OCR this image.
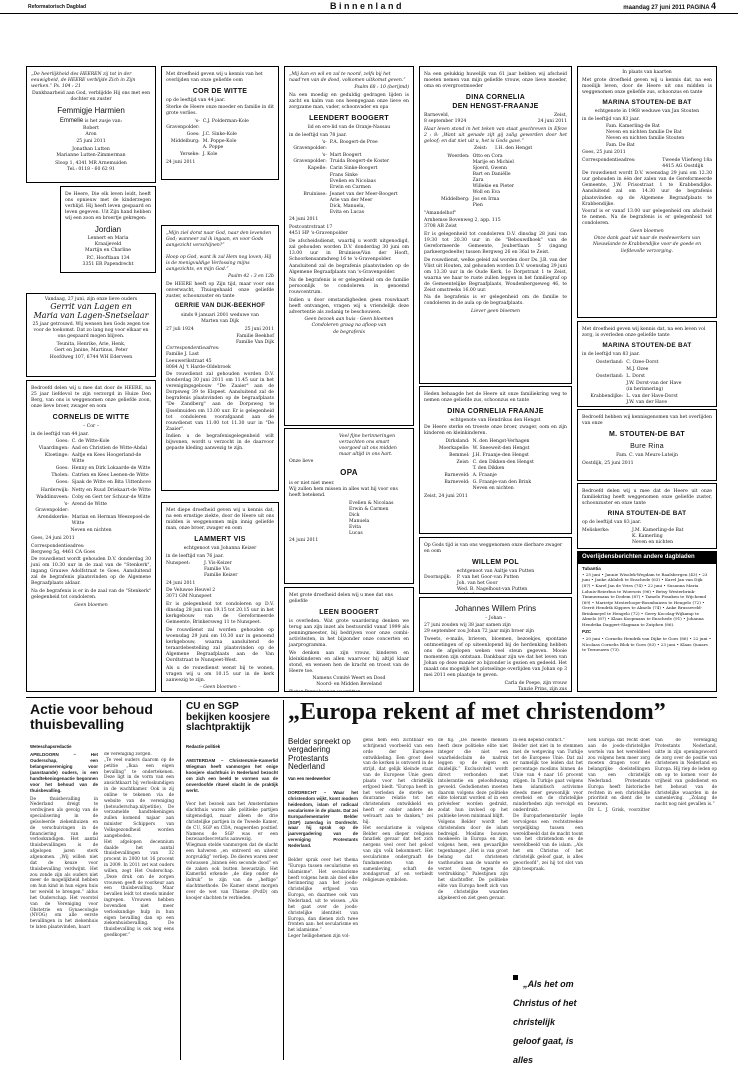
Reformatorisch Dagblad	Binnenland	maandag 27 juni 2011 PAGINA 4
„De heerlijkheid des HEEREN zij tot in der eeuwigheid, de HEERE verblijde Zich in Zijn werken.” Ps. 104 : 21
Dankbaarheid aan God, verblijdde Hij ons met een dochter en zuster
Femmigje Harmien
Emmelie is het zusje van:
Robert
Aron
25 juni 2011
Jonathan Lutten
Marianne Lutten-Zimmerman
Sloop 1, 4341 MR Arnemuiden
Tel.: 0118 - 60 62 91
De Heere, Die elk leven leidt, heeft ons opnieuw met de kinderzegen verblijd. Hij heeft leven gespaard en leven gegeven. Uit Zijn hand hebben wij een zoon en broertje gekregen:
Jordian
Lennert en Maria
Kraaijeveld
Martijn en Charline
P.C. Hooftlaan 134
3351 ER Papendrecht
Vandaag, 27 juni, zijn onze lieve ouders
Gerrit van Lagen en
Maria van Lagen-Snetselaar
25 jaar getrouwd. Wij wensen hen Gods zegen toe voor de toekomst. Dat zo lang nog voor elkaar en ons gespaard mogen blijven.
Teunita, Henrike, Arie, Henk,
Gert en Janine, Martinus, Peter
Hoofdweg 107, 6744 WH Ederveen
Bedroefd delen wij u mee dat door de HEERE, na 25 jaar liefdevol te zijn verzorgd in Huize Den Berg, van ons is weggenomen onze geliefde zoon, onze lieve broer, zwager en oom
CORNELIS DE WITTE
– Cor –
in de leeftijd van 44 jaar.
Goes: C. de Witte-Kole
Vlaardingen: Aad en Christien de Witte-Abdal
Kloetinge: Aaltje en Kees Hoogerland-de Witte
Goes: Henny en Dirk Lokaarde-de Witte
Tholen: Catrien en Kees Leenen-de Witte
Goes: Sjaak de Witte en Bita Uittenhove
Harderwijk: Netty en Ruud Driekaart-de Witte
Waddinxveen: Coby en Gert ter Schuur-de Witte
's-Gravenpolder:
Arend de Witte
Arendskerke: Marian en Herman Weezepoel-de Witte
Neven en nichten
Goes, 24 juni 2011
Correspondentieadres:
Bergweg 5g, 4461 CA Goes
De rouwdienst wordt gehouden D.V. donderdag 30 juni om 10.30 uur in de zaal van de "Stenkerk", ingang Grauwe Adolfstraat te Goes. Aansluitend zal de begrafenis plaatsvinden op de Algemene Begraafplaats aldaar.
Na de begrafenis is er in de zaal van de "Stenkerk" gelegenheid tot condoleren.
Geen bloemen
Met droefheid geven wij u kennis van het overlijden van onze geliefde oom
COR DE WITTE
op de leeftijd van 44 jaar.
Sterke de Heere onze moeder en familie in dit grote verlies.
's-Gravenpolder:
C.J. Polderman-Kole
Goes: J.C. Sinke-Kole
Middelburg: M. Poppe-Kole
A. Poppe
Yerseke: J. Kole
24 juni 2011
„Mijn ziel dorst naar God, naar den levenden God; wanneer zal ik ingaan, en voor Gods aangezicht verschijnen?”

Hoop op God, want ik zal Hem nog loven; Hij is de menigvuldige Verlossing mijns aangezichts, en mijn God.”
Psalm 42 : 3 en 12b
De HEERE heeft op Zijn tijd, maar voor ons onverwacht, Thuisgehaald onze geliefde zuster, schoonzuster en tante
GERRIE VAN DIJK-BEEKHOF
sinds 9 januari 2001 weduwe van
Marten van Dijk
27 juli 1924	25 juni 2011
Familie Beekhof
Familie Van Dijk
Correspondentieadres:
Familie J. Last
Leeuwerikstraat 45
8084 AJ 't Harde-Oldebroek
De rouwdienst zal gehouden worden D.V. donderdag 30 juni 2011 om 11.45 uur in het verenigingsgebouw "De Zaaier" aan de Dorpsweg 39 te Elspeet. Aansluitend zal de begrafenis plaatsvinden op de begraafplaats "De Zandberg" aan de Dorpsweg te IJsselmuiden om 13.00 uur. Er is gelegenheid tot condoleren voorafgaand aan de rouwdienst van 11.00 tot 11.30 uur in "De Zaaier".
Indien u de begrafenisgelegenheid wilt bijwonen, wordt u verzocht in de daarvoor gepaste kleding aanwezig te zijn.
Met diepe droefheid geven wij u kennis dat, na een ernstige ziekte, door de Heere uit ons midden is weggenomen mijn innig geliefde man, onze broer, zwager en oom
LAMMERT VIS
echtgenoot van Johanna Keizer
in de leeftijd van 76 jaar.
Nunspeet:	J. Vis-Keizer
Familie Vis
Familie Keizer
24 juni 2011
De Veluwse Heuvel 2
3071 GM Nunspeet
Er is gelegenheid tot condoleren op D.V. dinsdag 28 juni van 19.15 tot 20.15 uur in het kerkgebouw van de Gereformeerde Gemeente, Brinkersweg 11 te Nunspeet.
De rouwdienst zal worden gehouden op woensdag 29 juni om 10.30 uur in genoemd kerkgebouw, waarna aansluitend de teraardebestelling zal plaatsvinden op de Algemene Begraafplaats aan de Van Oordtstraat te Nunspeet-West.
Als u de rouwdienst wenst bij te wonen, vragen wij u om 10.15 uur in de kerk aanwezig te zijn.
– Geen bloemen –
„Mij kan en wil en zal te noord, zelfs bij het naad'ren van de dood, volkomen uitkomst geven.”
Psalm 68 : 10 (berijmd)
Na een moedig en geduldig gedragen lijden is zacht en kalm van ons heengegaan onze lieve en zorgzame man, vader, schoonvader en opa
LEENDERT BOOGERT
lid en ere-lid van de Oranje-Nassau
in de leeftijd van 78 jaar.
's-Gravenpolder:
P.A. Boogert-de Pree
's-Gravenpolder:
Mart Boogert
Truida Boogert-de Koster
Kapelle: Carin Sinke-Boogert
Frans Sinke
Evelien en Nicolaas
Erwin en Carmen
Bruinisse: Jeanet van der Meer-Boogert
Arie van der Meer
Dick, Manuela,
Evita en Lucas
24 juni 2011
Postcontrstraat 17
4451 HP 's-Gravenpolder
De afscheidsdienst, waarbij u wordt uitgenodigd, zal gehouden worden D.V. donderdag 30 juni om 13.00 uur in Bruinisse/Van der Hooft, Schoorkensanmdweg 16 te 's-Gravenpolder.
Aansluitend zal de begrafenis plaatsvinden op de Algemene Begraafplaats van 's-Gravenpolder.
Na de begrafenis is er gelegenheid om de familie persoonlijk te condoleren in genoemd rouwcentrum.
Indien u door omstandigheden geen rouwkaart heeft ontvangen, vragen wij u vriendelijk deze advertentie als zodanig te beschouwen.
Geen bezoek aan huis - Geen bloemen
Condoleren graag na afloop van
de begrafenis
Veel fijne herinneringen
verzachten ons smart
voorgoed uit ons midden
maar altijd in ons hart.
Onze lieve
OPA
is er niet niet meer.
Wij zullen hem missen in alles wat hij voor ons heeft betekend.
Evelien & Nicolaas
Erwin & Carmen
Dick
Manuela
Evita
Lucas
24 juni 2011
Met grote droefheid delen wij u mee dat ons geliefde
LEEN BOOGERT
is overleden. Wat grote waardering denken we terug aan zijn inzet als bestuurslid vanaf 1999 als penningmeester, bij bedrijven voor onze combi-activiteiten, in het bijzonder onze concerten en jaarprogramma.
We denken aan zijn vrouw, kinderen en kleinkinderen en allen waarvoor hij altijd klaar stond, en wensen hen de kracht en troost van de Heere toe.
Namens Comité Weert en Dosd
Noord- en Midden Beveland
Na een gelukkig huwelijk van 61 jaar hebben wij afscheid moeten nemen van mijn geliefde vrouw, onze lieve moeder, oma en overgrootmoeder
DINA CORNELIA
DEN HENGST-FRAANJE
Barneveld,	Zeist,
8 september 1924	24 juni 2011
Haar leven stond in het teken van staat geschreven in Efeze 2 : 8: „Want uit genade zijt gij zalig geworden door het geloof; en dat niet uit u, het is Gods gave.”
Zeist: I.H. den Hengst
Woerden: Otto en Cora
Marije en Michiel
Sjoerd, Gwenn
Bart en Daniëlle
Zara
Willekie en Pieter
Woll en Eva
Middelberg: Jos en Irma
Pien
"Amandelhof"
Arnhemse Bovenweg 2, app. 115
3708 AB Zeist
Er is gelegenheid tot condoleren D.V. dinsdag 28 juni van 19.30 tot 20.30 uur in de "Bebouwdhoek" van de Gereformeerde Gemeente, Joubertlaan 5 (ingang parkeergedeelte) tussen Bergweg 26 en 36al te Zeist.
De rouwdienst, welke geleid zal worden door Ds. J.B. van der Vlist uit Houten, zal gehouden worden D.V. woensdag 29 juni om 13.30 uur in de Oude Kerk, 1e Dorpstraat 1 te Zeist, waarna we haar te ruste zullen leggen in het familiegraf op de Gemeentelijke Begraafplaats, Woudenbergseweg 46, te Zeist omstreeks 16.00 uur.
Na de begrafenis is er gelegenheid om de familie te condoleren in de aula op de begraafplaats.
Liever geen bloemen
Heden behaagde het de Heere uit onze familiekring weg te nemen onze geliefde zus, schoonzus en tante
DINA CORNELIA FRAANJE
echtgenote van Hendrikus den Hengst
De Heere sterke en troeste onze broer, zwager, oom en zijn kinderen en kleinkinderen.
Dirksland: N. den Hengst-Verhagen
Moerkapelle: W. Sneeweit-den Hengst
Bemmel: J.H. Fraanje-den Hengst
Zeist: C. den Dikken-den Hengst
T. den Dikken
Barneveld: A. Fraanje
Barneveld: G. Fraanje-van den Brink
Neven en nichten
Zeist, 24 juni 2011
Op Gods tijd is van ons weggenomen onze dierbare zwager en oom
WILLEM POL
echtgenoot van Aaltje van Putten
Doornspijk: P. van het Goor-van Putten
Joh. van het Goor
Wed. B. Nagelhout-van Putten

Johannes Willem Prins
– Johan –
27 juni zouden wij 38 jaar samen zijn
29 september zou Johan 72 jaar mijn broer zijn
Tweets, e-mails, brieven, bloemen, bezoekjes, spontane ontmoetingen of op uiteenlopend bij de herdenking hebben ons de afgelopen weken veel steun gegeven. Mooie momenten zijn ontstaan. Dankbaar zijn we dat het leven van Johan op deze manier zo bijzonder is gezien en gedeeld. Het maakt ons mogelijk het plotselinge overlijden van Johan op 3 mei 2011 een plaatsje te geven.
Carla de Poepe, zijn vrouw
Tanzie Prins, zijn zus
In plaats van kaarten
Met grote droefheid geven wij u kennis dat, na een moeilijk leven, door de Heere uit ons midden is weggenomen onze geliefde zus, schoonzus en tante
MARINA STOUTEN-DE BAT
echtgenote in 1968 weduwe van Jan Stouten
in de leeftijd van 83 jaar.
Fam. Kamerling-de Bat
Neven en nichten familie De Bat
Neven en nichten familie Stouten
Fam. De Bat
Goes, 25 juni 2011
Correspondentieadres:	Tweede Vliefweg 18a
4415 AG Oostdijk
De rouwdienst wordt D.V. woensdag 29 juni om 12.30 uur gehouden in één der zalen van de Gereformeerde Gemeente, J.W. Frisostraat 1 te Krabbendijke. Aansluitend zal om 14.30 uur de begrafenis plaatsvinden op de Algemene Begraafplaats te Krabbendijke.
Vooraf is er vanaf 13.00 uur gelegenheid om afscheid te nemen. Na de begrafenis is er gelegenheid tot condoleren.
Geen bloemen
Onze dank gaat uit naar de medewerkers van Nieuwlande te Krabbendijke voor de goede en liefdevolle verzorging.
Met droefheid geven wij kennis dat, na een leven vol zorg, is overleden onze geliefde tante
MARINA STOUTEN-DE BAT
in de leeftijd van 83 jaar.
Oosterland: C. Ozee-Dorst
M.J. Ozee
Oosterland: L. Dorst
J.W. Dorst-van der Have
(in herinnering)
Krabbendijke: L. van der Have-Dorst
J.W. van der Have
Bedroefd hebben wij kennisgenomen van het overlijden van onze
M. STOUTEN-DE BAT
Bure Rina
Fam. C. van Meurs-Luteijn
Oostdijk, 25 juni 2011
Bedroefd delen wij u mee dat de Heere uit onze familiekring heeft weggenomen onze geliefde zuster, schoonzuster en onze tante
RINA STOUTEN-DE BAT
op de leeftijd van 83 jaar.
Meliskerke:	J.M. Kamerling-de Bat
K. Kamerling
Neven en nichten
Overlijdensberichten andere dagbladen
Tubantia
• 25 juni • Jannie Wisolek-Wegdam te Raalsbergen (43) • 23 juni • Janke Ablaleli te Enschede (63) • Karel Jan van Dijk (87) • Karel Jan de Vries (74) • 22 juni • Susanna Maria Lohuis-Reierbus te Woerseis (96) • Betsy Westerbrink-Timmermans te Dedem (87) • Tamelo Franken te Wijchemd (69) • Marietje Mesterloope-Bosmbuizen te Hengelo (72) • Gerrit Hendrik Kippers te Almelo (74) • Anke Brusseveld-Brinkmeyel te Hengelo (72) • Gerry Kocolag-Wijkamp te Almelo (87) • Klaas Koopmans te Enschede (91) • Johanna Hendrika Daggert-Slagman te Zutphen (86).
PZC
• 20 juni • Cornelis Hendrik van Dijke te Goes (86) • 22 juni • Nicolaas Cornelis Blok te Goes (83) • 23 juni • Klaas Quaars te Terneuzen (73).
Actie voor behoud thuisbevalling
Weteschapsredactie
APELDOORN – Het Ouderschap, een belangenvereniging voor (aanstaande) ouders, is een handtekeningenactie begonnen voor het behoud van de thuisbevalling.
De thuisbevalling in Nederland dreigt te verdwijnen als gevolg van de specialisering in de geïsoleerde ziekenhuizen en de verschuivingen in de financiering van de verloskundigen. Het aantal thuisbevallingen is de afgelopen jaren sterk afgenomen. „Wij willen niet dat de keuze voor thuisbevalling verdwijnt. Het zou zonde zijn als ouders niet meer de mogelijkheid hebben om hun kind in hun eigen huis ter wereld te brengen.” aldus het Ouderschap. Het voorstel van de Vereniging voor Obstetrie en Gynaecologie (NVOG) om alle eerste bevallingen in het ziekenhuis te laten plaatsvinden, baart
de vereniging zorgen.
„Te veel ouders daarom op de petitie „Ikaa een eigen bevalling” te ondertekenen. Deze ligt in de vorm van een ansichtkaart bij verloskundigen in de wachtkamer. Ook is zij online te tekenen via de website van de vereniging (hetouderschap.nl/petitie). De verzamelde handtekeningen zullen komend najaar aan minister Schippers van Volksgezondheid worden aangeboden.
Het afgelopen decennium daalde het aantal thuisbevallingen van 32 procent in 2000 tot 16 procent in 2009. In 2011 zet wat ouders willen, zegt Het Ouderschap. „Deze druk om de zorgen vrouwen geeft de voorkeur aan een thuisbevalling. Maar bevallen leidt tot steeds minder ingrepen. Vrouwen hebben bovendien niet meer verloskundige hulp in hun eigen bevalling dan op een ziekenhuisbevalling. De thuisbevalling is ook nog eens goedkoper.”
CU en SGP bekijken koosjere slachtpraktijk
Redactie politiek

AMSTERDAM – ChristenUnie-Kamerlid Wiegman heeft vanmorgen het enige koosjere slachthuis in Nederland bezocht om zich een beeld te vormen van de onverdoofde ritueel slacht in de praktijk werkt.

Voor het bezoek aan het Amsterdamse slachthuis waren alle politieke partijen uitgenodigd, maar alleen de drie christelijke partijen in de Tweede Kamer, de CU, SGP en CDA, reageerden positief. Namens de SGP was er een bezwaardsecretaris aanwezig.
Wiegman stelde vanmorgen dat de slacht een halveren „en ontroerd en uiterst zorgvuldig” verliep. De dieren waren zeer volwassen „binnen één seconde dood” en de zaken ook butten bewustzijn. Het Kamerlid erkende „de diep onder de indruk” te zijn van de „heftige” slachtmethode. De Kamer stemt morgen over de wet van Thieme (PvdD) om koosjer slachten te verbieden.

„Europa rekent af met christendom”
Belder spreekt op vergadering Protestants Nederland
Van een medewerker

DORDRECHT – Waar het christendom wijkt, komt modern heidendom, islam of radicaal secularisme in de plaats. Dat zei Europarlementariër Belder (SGP) zaterdag in Dordrecht. waar hij sprak op de jaarvergadering van de vereniging Protestants Nederland.

Belder sprak over het thema "Europa tussen secularisme en Islamisme". Het secularisme heeft volgens hem als doel elke herinnering aan het joods-christelijke erfgoed van Europa, en daarmee ook van Nederland, uit te wissen. „Als het gaat over de joods-christelijke identiteit van Europa, dan dienen zich twee fronten aan: het secularisme en het islamisme.”
Leger heiligehemen zijn vol-

gens hem een zichtbaar en schrijnend voorbeeld van een orde der Europese ontwikkeling. Een groot deel van de kerken is ontvoerd in de strijd, dat gelijk kleinde staat van de Europese Unie geen plaats voor het christelijk erfgoed biedt. "Europa heeft in het verleden de sterke en duurzame relatie tot het christendom ontwikkeld en heeft er onder andere de welvaart aan te danken," zei hij.
Het secularisme is volgens Belder een dieper religieus fanatiek gevaar dat het zich nergens veel over het geloof van zijn volk bekommert. Het secularisme ondergraaft de fundamenten van de samenleving, schaft de zondagsrust af en verbiedt religieuze symbolen.
de hij. „De meeste mensen heeft deze politieke elite niet integer die niet een waarheidsclaim de nadruk leggen op de eigen en duidelijk.” Exclusiviteit wordt direct verbonden met intolerantie en geloofsdwang gevoeld. Godsdiensten moeten daarom volgens deze politieke elite tolerant worden of in een privésfeer worden gedrukt, zodat hun invloed op het publieke leven minimaal blijft.
Volgens Belder wordt het christendom door de islam bedreigd. Moslims bouwen moskeeën in Europa en zijn, volgens hem, een gevaarlijke tegenhanger. „Het is van groot belang dat christenen vasthouden aan de waarde en verzet doen tegen de verdrukking.” Palestijnen zijn het slachtoffer. De politieke elite van Europa heeft zich van de christelijke waarden afgekeerd en ziet geen gevaar.
in een depend conflict."
Belder ziet niet in te stemmen met de wetgeving van Turkije tot de Europese Unie. Dat zal er namelijk toe leiden dat het percentage moslims binnen de Unie van 4 naar 16 procent stijgen. In Turkije gaat volgens hem islamitisch activisme steeds meer gewoonlijk voor overheid en de christelijke minderheden zijn vervolgd en onderdrukt.
De Europarlementariër legde vervolgens een rechtstreekse vergelijking tussen een wereldbeeld dat de macht toont van het christendom en de wereldbeeld van de islam. „Als het om Christus of het christelijk geloof gaat, is alles geoorloofd”, zei hij tot slot van zijn toespraak.
Een Europa dat recht doet aan de joods-christelijke wortels van het werelddeel zou volgens hem meer zorg moeten dragen voor de belangrijke doelstellingen van een christelijk Nederland. Protestants Europa heeft historische rechten in een christelijke prioriteit en dient die te bewaren.
Dr. L. J. Grisk, voorzitter van de vereniging Protestants Nederland, uitte in zijn openingswoord de zorg over de positie van christenen in Nederland en Europa. Hij riep de leden op om op te komen voor de vrijheid van godsdienst en het behoud van de christelijke waarden in de samenleving. „Zolang de nacht nog niet gevallen is.”
„Als het om Christus of het christelijk geloof gaat, is alles
